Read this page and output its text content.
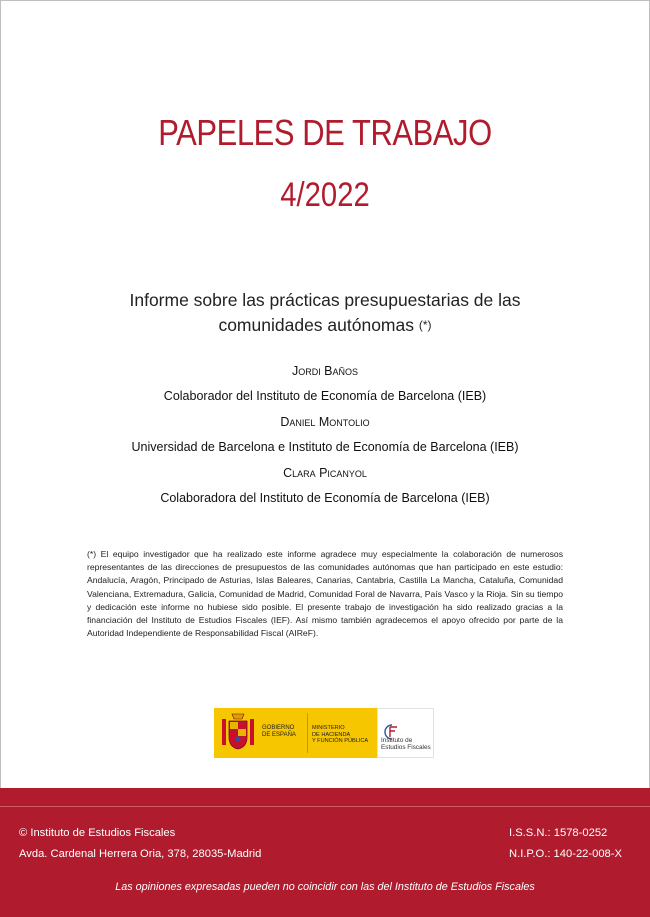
PAPELES DE TRABAJO
4/2022
Informe sobre las prácticas presupuestarias de las
comunidades autónomas (*)
Jordi Baños
Colaborador del Instituto de Economía de Barcelona (IEB)
Daniel Montolio
Universidad de Barcelona e Instituto de Economía de Barcelona (IEB)
Clara Picanyol
Colaboradora del Instituto de Economía de Barcelona (IEB)
(*) El equipo investigador que ha realizado este informe agradece muy especialmente la colaboración de numerosos representantes de las direcciones de presupuestos de las comunidades autónomas que han participado en este estudio: Andalucía, Aragón, Principado de Asturias, Islas Baleares, Canarias, Cantabria, Castilla La Mancha, Cataluña, Comunidad Valenciana, Extremadura, Galicia, Comunidad de Madrid, Comunidad Foral de Navarra, País Vasco y la Rioja. Sin su tiempo y dedicación este informe no hubiese sido posible. El presente trabajo de investigación ha sido realizado gracias a la financiación del Instituto de Estudios Fiscales (IEF). Así mismo también agradecemos el apoyo ofrecido por parte de la Autoridad Independiente de Responsabilidad Fiscal (AIReF).
GOBIERNO
DE ESPAÑA
MINISTERIO
DE HACIENDA
Y FUNCIÓN PÚBLICA	Instituto de
Estudios Fiscales
© Instituto de Estudios Fiscales
Avda. Cardenal Herrera Oria, 378, 28035-Madrid
I.S.S.N.: 1578-0252
N.I.P.O.: 140-22-008-X
Las opiniones expresadas pueden no coincidir con las del Instituto de Estudios Fiscales
